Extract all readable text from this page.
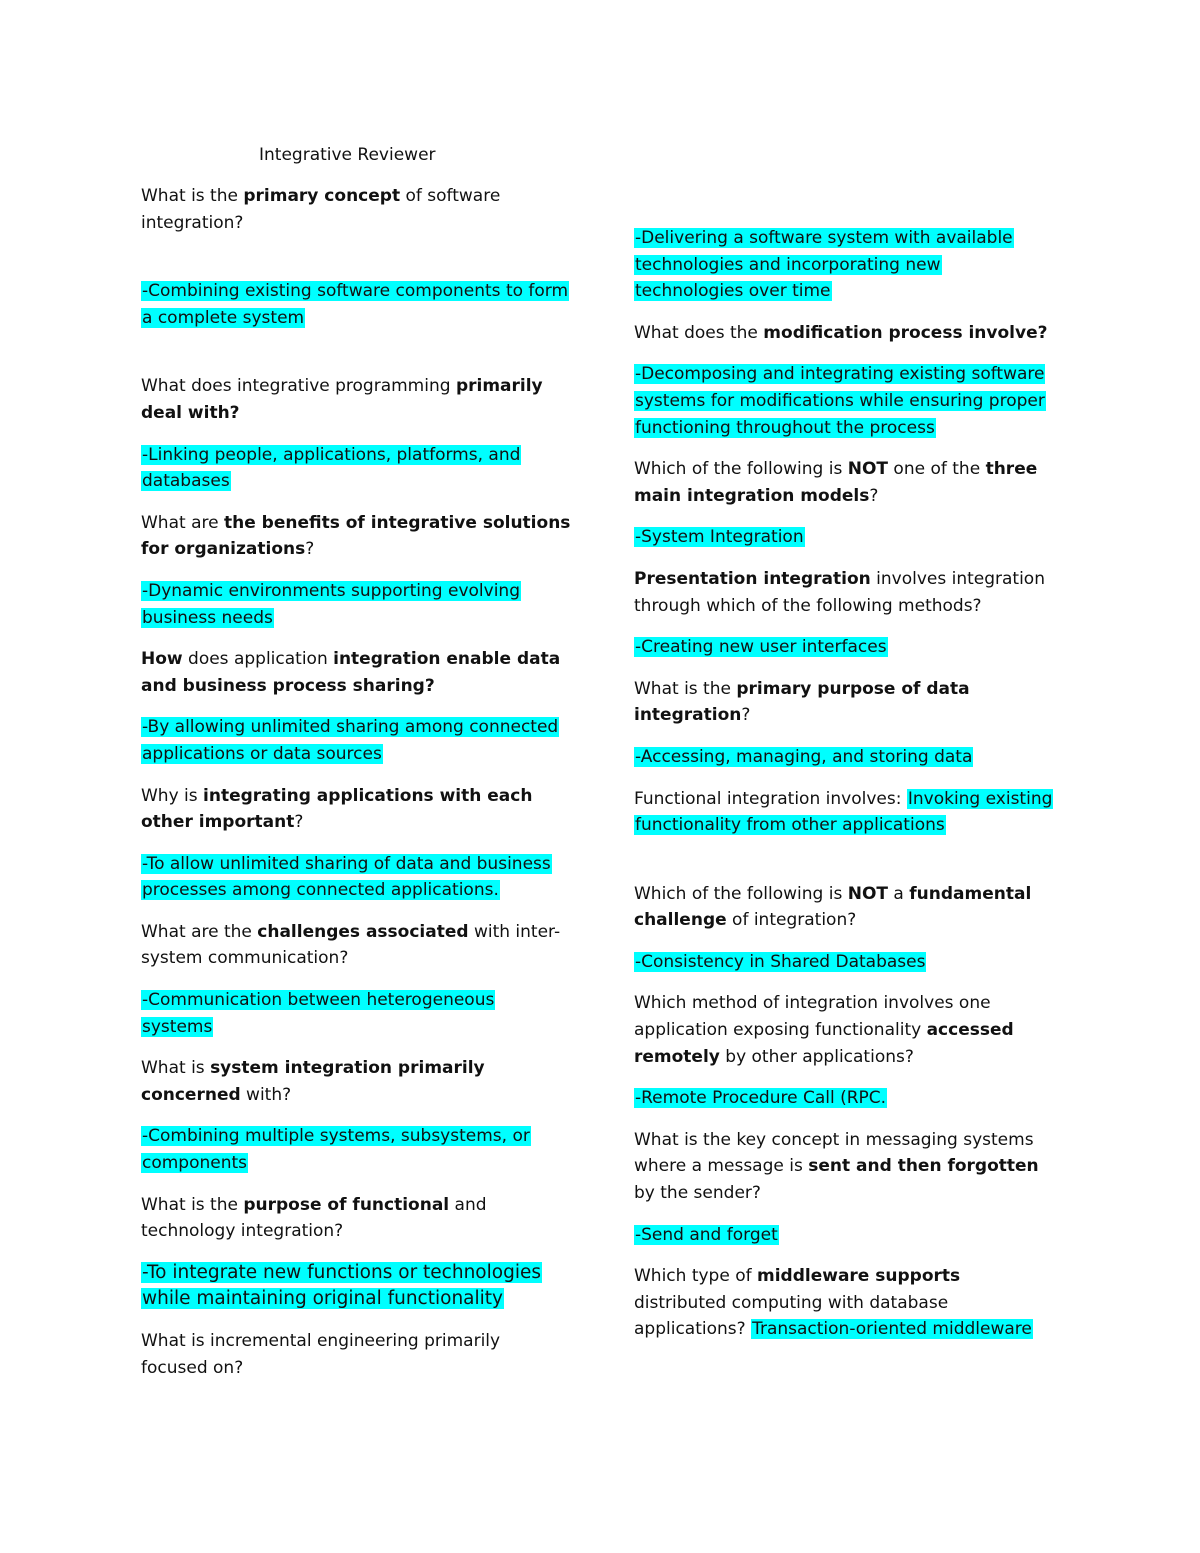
Integrative Reviewer

What is the primary concept of software integration?

-Combining existing software components to form a complete system

What does integrative programming primarily deal with?

-Linking people, applications, platforms, and databases

What are the benefits of integrative solutions for organizations?

-Dynamic environments supporting evolving business needs

How does application integration enable data and business process sharing?

-By allowing unlimited sharing among connected applications or data sources

Why is integrating applications with each other important?

-To allow unlimited sharing of data and business processes among connected applications.

What are the challenges associated with inter-system communication?

-Communication between heterogeneous systems

What is system integration primarily concerned with?

-Combining multiple systems, subsystems, or components

What is the purpose of functional and technology integration?

-To integrate new functions or technologies while maintaining original functionality

What is incremental engineering primarily focused on?

-Delivering a software system with available technologies and incorporating new technologies over time

What does the modification process involve?

-Decomposing and integrating existing software systems for modifications while ensuring proper functioning throughout the process

Which of the following is NOT one of the three main integration models?

-System Integration

Presentation integration involves integration through which of the following methods?

-Creating new user interfaces

What is the primary purpose of data integration?

-Accessing, managing, and storing data

Functional integration involves: Invoking existing functionality from other applications

Which of the following is NOT a fundamental challenge of integration?

-Consistency in Shared Databases

Which method of integration involves one application exposing functionality accessed remotely by other applications?

-Remote Procedure Call (RPC.

What is the key concept in messaging systems where a message is sent and then forgotten by the sender?

-Send and forget

Which type of middleware supports distributed computing with database applications? Transaction-oriented middleware
